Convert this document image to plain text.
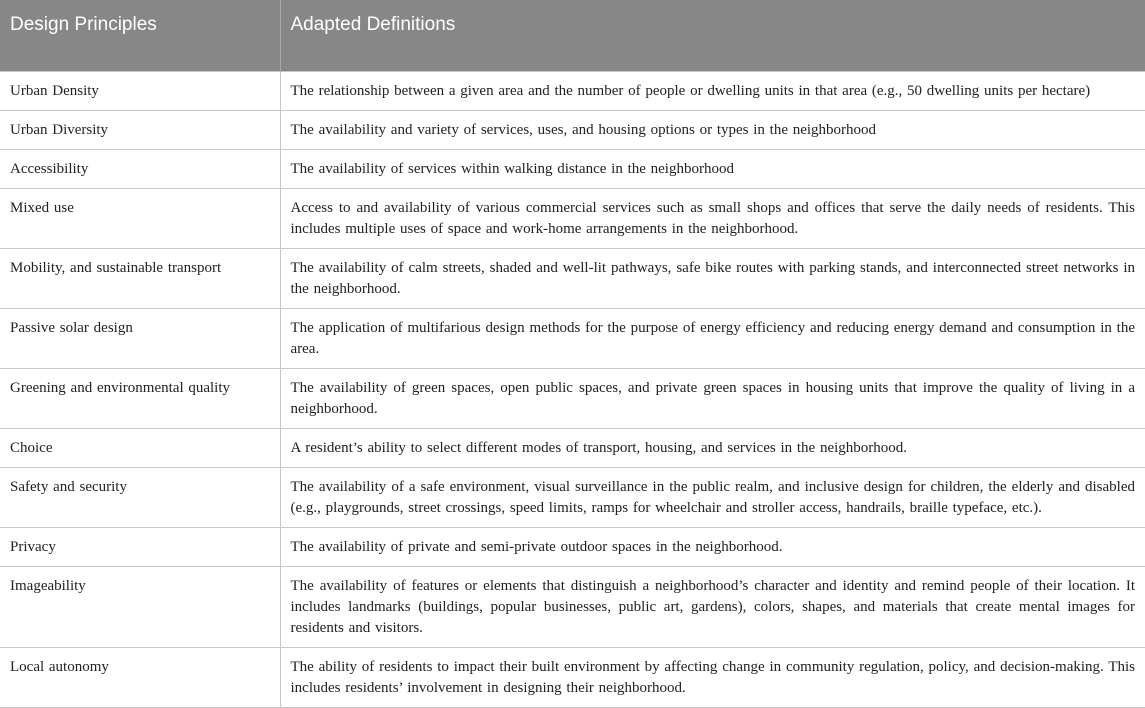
Design Principles	Adapted Definitions
Urban Density	The relationship between a given area and the number of people or dwelling units in that area (e.g., 50 dwelling units per hectare)
Urban Diversity	The availability and variety of services, uses, and housing options or types in the neighborhood
Accessibility	The availability of services within walking distance in the neighborhood
Mixed use	Access to and availability of various commercial services such as small shops and offices that serve the daily needs of residents. This includes multiple uses of space and work-home arrangements in the neighborhood.
Mobility, and sustainable transport	The availability of calm streets, shaded and well-lit pathways, safe bike routes with parking stands, and interconnected street networks in the neighborhood.
Passive solar design	The application of multifarious design methods for the purpose of energy efficiency and reducing energy demand and consumption in the area.
Greening and environmental quality	The availability of green spaces, open public spaces, and private green spaces in housing units that improve the quality of living in a neighborhood.
Choice	A resident’s ability to select different modes of transport, housing, and services in the neighborhood.
Safety and security	The availability of a safe environment, visual surveillance in the public realm, and inclusive design for children, the elderly and disabled (e.g., playgrounds, street crossings, speed limits, ramps for wheelchair and stroller access, handrails, braille typeface, etc.).
Privacy	The availability of private and semi-private outdoor spaces in the neighborhood.
Imageability	The availability of features or elements that distinguish a neighborhood’s character and identity and remind people of their location. It includes landmarks (buildings, popular businesses, public art, gardens), colors, shapes, and materials that create mental images for residents and visitors.
Local autonomy	The ability of residents to impact their built environment by affecting change in community regulation, policy, and decision-making. This includes residents’ involvement in designing their neighborhood.
